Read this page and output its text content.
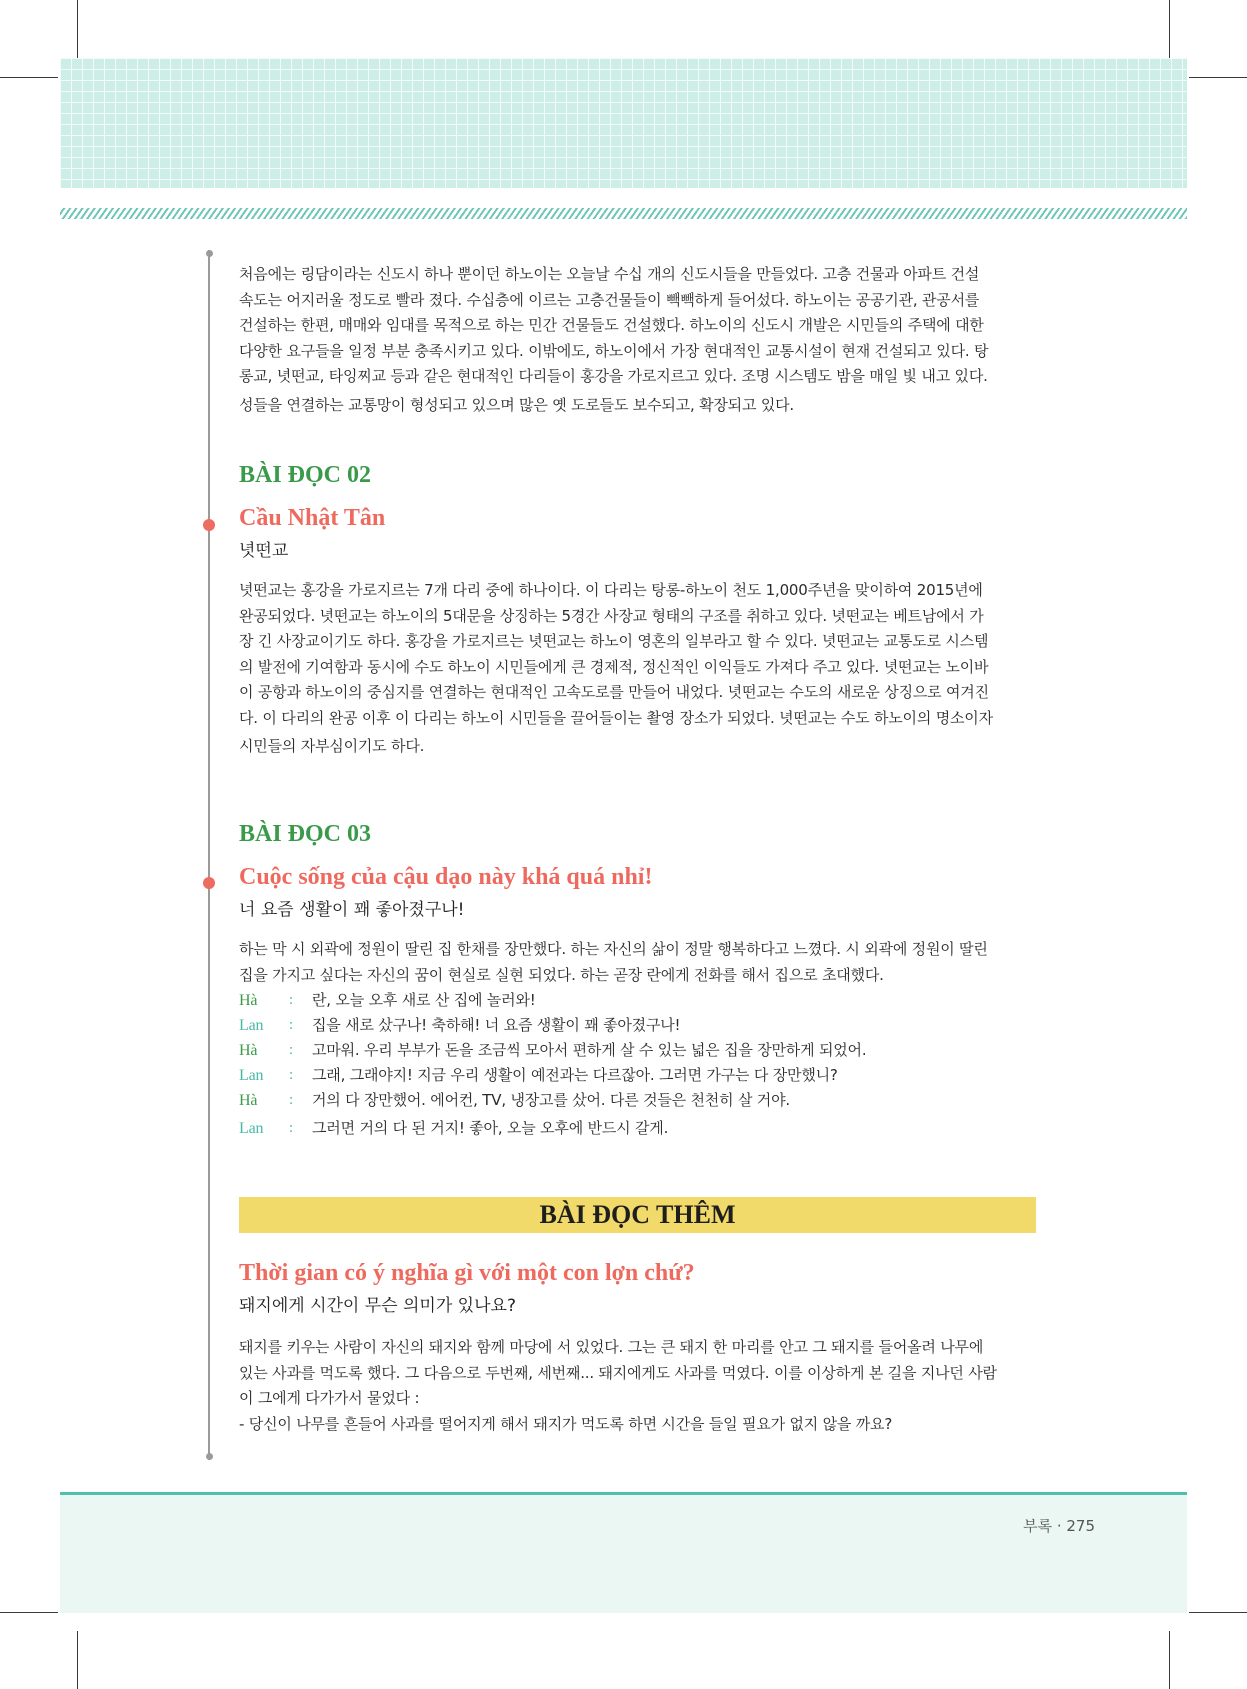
처음에는 링담이라는 신도시 하나 뿐이던 하노이는 오늘날 수십 개의 신도시들을 만들었다. 고층 건물과 아파트 건설

속도는 어지러울 정도로 빨라 졌다. 수십층에 이르는 고층건물들이 빽빽하게 들어섰다. 하노이는 공공기관, 관공서를

건설하는 한편, 매매와 임대를 목적으로 하는 민간 건물들도 건설했다. 하노이의 신도시 개발은 시민들의 주택에 대한

다양한 요구들을 일정 부분 충족시키고 있다. 이밖에도, 하노이에서 가장 현대적인 교통시설이 현재 건설되고 있다. 탕

롱교, 녓떤교, 타잉찌교 등과 같은 현대적인 다리들이 홍강을 가로지르고 있다. 조명 시스템도 밤을 매일 빛 내고 있다.

성들을 연결하는 교통망이 형성되고 있으며 많은 옛 도로들도 보수되고, 확장되고 있다.

BÀI ĐỌC 02
Cầu Nhật Tân
녓떤교

녓떤교는 홍강을 가로지르는 7개 다리 중에 하나이다. 이 다리는 탕롱-하노이 천도 1,000주년을 맞이하여 2015년에

완공되었다. 녓떤교는 하노이의 5대문을 상징하는 5경간 사장교 형태의 구조를 취하고 있다. 녓떤교는 베트남에서 가

장 긴 사장교이기도 하다. 홍강을 가로지르는 녓떤교는 하노이 영혼의 일부라고 할 수 있다. 녓떤교는 교통도로 시스템

의 발전에 기여함과 동시에 수도 하노이 시민들에게 큰 경제적, 정신적인 이익들도 가져다 주고 있다. 녓떤교는 노이바

이 공항과 하노이의 중심지를 연결하는 현대적인 고속도로를 만들어 내었다. 녓떤교는 수도의 새로운 상징으로 여겨진

다. 이 다리의 완공 이후 이 다리는 하노이 시민들을 끌어들이는 촬영 장소가 되었다. 녓떤교는 수도 하노이의 명소이자

시민들의 자부심이기도 하다.

BÀI ĐỌC 03
Cuộc sống của cậu dạo này khá quá nhỉ!
너 요즘 생활이 꽤 좋아졌구나!

하는 막 시 외곽에 정원이 딸린 집 한채를 장만했다. 하는 자신의 삶이 정말 행복하다고 느꼈다. 시 외곽에 정원이 딸린

집을 가지고 싶다는 자신의 꿈이 현실로 실현 되었다. 하는 곧장 란에게 전화를 해서 집으로 초대했다.

Hà	:	란, 오늘 오후 새로 산 집에 놀러와!
Lan	:	집을 새로 샀구나! 축하해! 너 요즘 생활이 꽤 좋아졌구나!
Hà	:	고마워. 우리 부부가 돈을 조금씩 모아서 편하게 살 수 있는 넓은 집을 장만하게 되었어.
Lan	:	그래, 그래야지! 지금 우리 생활이 예전과는 다르잖아. 그러면 가구는 다 장만했니?
Hà	:	거의 다 장만했어. 에어컨, TV, 냉장고를 샀어. 다른 것들은 천천히 살 거야.
Lan	:	그러면 거의 다 된 거지! 좋아, 오늘 오후에 반드시 갈게.
BÀI ĐỌC THÊM
Thời gian có ý nghĩa gì với một con lợn chứ?
돼지에게 시간이 무슨 의미가 있나요?

돼지를 키우는 사람이 자신의 돼지와 함께 마당에 서 있었다. 그는 큰 돼지 한 마리를 안고 그 돼지를 들어올려 나무에

있는 사과를 먹도록 했다. 그 다음으로 두번째, 세번째... 돼지에게도 사과를 먹였다. 이를 이상하게 본 길을 지나던 사람

이 그에게 다가가서 물었다 :

- 당신이 나무를 흔들어 사과를 떨어지게 해서 돼지가 먹도록 하면 시간을 들일 필요가 없지 않을 까요?

부록 · 275
